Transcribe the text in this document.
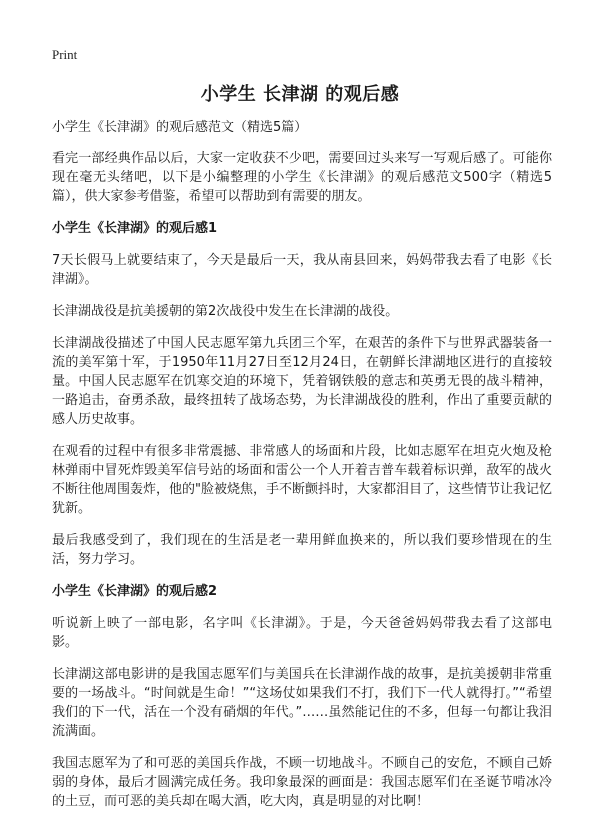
Print
小学生 长津湖 的观后感

小学生《长津湖》的观后感范文（精选5篇）

看完一部经典作品以后，大家一定收获不少吧，需要回过头来写一写观后感了。可能你现在毫无头绪吧，以下是小编整理的小学生《长津湖》的观后感范文500字（精选5篇），供大家参考借鉴，希望可以帮助到有需要的朋友。

小学生《长津湖》的观后感1

7天长假马上就要结束了，今天是最后一天，我从南县回来，妈妈带我去看了电影《长津湖》。

长津湖战役是抗美援朝的第2次战役中发生在长津湖的战役。

长津湖战役描述了中国人民志愿军第九兵团三个军，在艰苦的条件下与世界武器装备一流的美军第十军，于1950年11月27日至12月24日，在朝鲜长津湖地区进行的直接较量。中国人民志愿军在饥寒交迫的环境下，凭着钢铁般的意志和英勇无畏的战斗精神，一路追击，奋勇杀敌，最终扭转了战场态势，为长津湖战役的胜利，作出了重要贡献的感人历史故事。

在观看的过程中有很多非常震撼、非常感人的场面和片段，比如志愿军在坦克火炮及枪林弹雨中冒死炸毁美军信号站的场面和雷公一个人开着吉普车载着标识弹，敌军的战火不断往他周围轰炸，他的"脸被烧焦，手不断颤抖时，大家都泪目了，这些情节让我记忆犹新。

最后我感受到了，我们现在的生活是老一辈用鲜血换来的，所以我们要珍惜现在的生活，努力学习。

小学生《长津湖》的观后感2

听说新上映了一部电影，名字叫《长津湖》。于是，今天爸爸妈妈带我去看了这部电影。

长津湖这部电影讲的是我国志愿军们与美国兵在长津湖作战的故事，是抗美援朝非常重要的一场战斗。“时间就是生命！”“这场仗如果我们不打，我们下一代人就得打。”“希望我们的下一代，活在一个没有硝烟的年代。”……虽然能记住的不多，但每一句都让我泪流满面。

我国志愿军为了和可恶的美国兵作战，不顾一切地战斗。不顾自己的安危，不顾自己娇弱的身体，最后才圆满完成任务。我印象最深的画面是：我国志愿军们在圣诞节啃冰冷的土豆，而可恶的美兵却在喝大酒，吃大肉，真是明显的对比啊！
